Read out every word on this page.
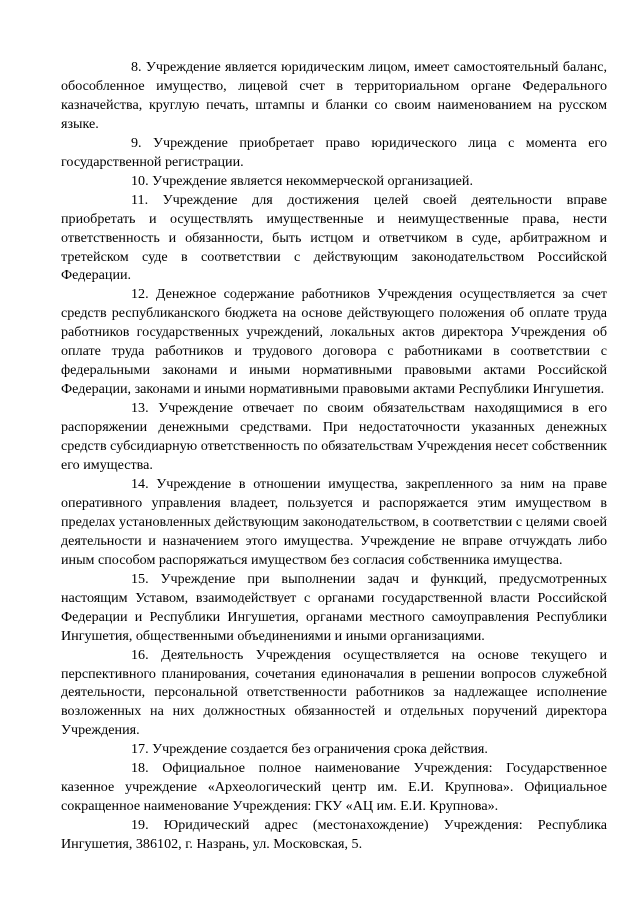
8. Учреждение является юридическим лицом, имеет самостоятельный баланс, обособленное имущество, лицевой счет в территориальном органе Федерального казначейства, круглую печать, штампы и бланки со своим наименованием на русском языке.

9. Учреждение приобретает право юридического лица с момента его государственной регистрации.

10. Учреждение является некоммерческой организацией.

11. Учреждение для достижения целей своей деятельности вправе приобретать и осуществлять имущественные и неимущественные права, нести ответственность и обязанности, быть истцом и ответчиком в суде, арбитражном и третейском суде в соответствии с действующим законодательством Российской Федерации.

12. Денежное содержание работников Учреждения осуществляется за счет средств республиканского бюджета на основе действующего положения об оплате труда работников государственных учреждений, локальных актов директора Учреждения об оплате труда работников и трудового договора с работниками в соответствии с федеральными законами и иными нормативными правовыми актами Российской Федерации, законами и иными нормативными правовыми актами Республики Ингушетия.

13. Учреждение отвечает по своим обязательствам находящимися в его распоряжении денежными средствами. При недостаточности указанных денежных средств субсидиарную ответственность по обязательствам Учреждения несет собственник его имущества.

14. Учреждение в отношении имущества, закрепленного за ним на праве оперативного управления владеет, пользуется и распоряжается этим имуществом в пределах установленных действующим законодательством, в соответствии с целями своей деятельности и назначением этого имущества. Учреждение не вправе отчуждать либо иным способом распоряжаться имуществом без согласия собственника имущества.

15. Учреждение при выполнении задач и функций, предусмотренных настоящим Уставом, взаимодействует с органами государственной власти Российской Федерации и Республики Ингушетия, органами местного самоуправления Республики Ингушетия, общественными объединениями и иными организациями.

16. Деятельность Учреждения осуществляется на основе текущего и перспективного планирования, сочетания единоначалия в решении вопросов служебной деятельности, персональной ответственности работников за надлежащее исполнение возложенных на них должностных обязанностей и отдельных поручений директора Учреждения.

17. Учреждение создается без ограничения срока действия.

18. Официальное полное наименование Учреждения: Государственное казенное учреждение «Археологический центр им. Е.И. Крупнова». Официальное сокращенное наименование Учреждения: ГКУ «АЦ им. Е.И. Крупнова».

19. Юридический адрес (местонахождение) Учреждения: Республика Ингушетия, 386102, г. Назрань, ул. Московская, 5.
